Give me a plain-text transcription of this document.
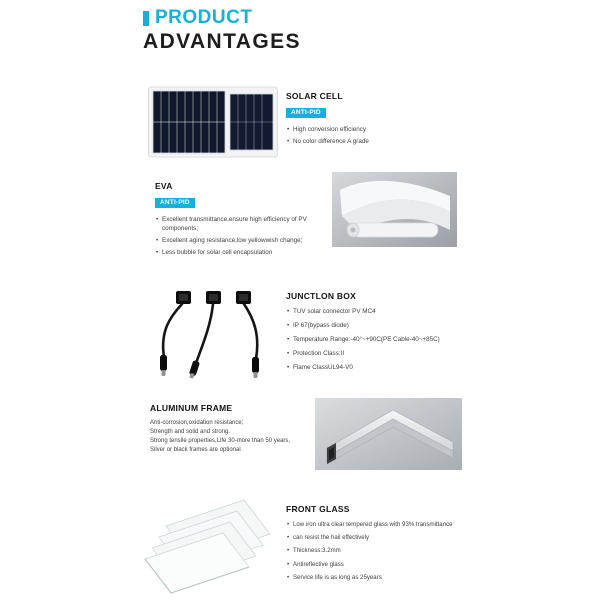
PRODUCT
ADVANTAGES
SOLAR CELL
ANTI-PID
• High conversion efficiency
• No color difference A grade
EVA
ANTI-PID
• Excellent transmittance,ensure high efficiency of PV components;
• Excellent aging resistance,low yellowwish change;
• Less bubble for solar cell encapsulation
JUNCTLON BOX
• TUV solar connector PV MC4
• IP 67(bypass diode)
• Temperature Range:-40°~+90C(PE Cable-40~+85C)
• Protection Class:II
• Flame ClassUL94-V0
ALUMINUM FRAME
Anti-corrosion,oxidation resistance;
Strength and solid and strong.
Strong tensile properties,Life 30-more than 50 years,
Silver or black frames are optional
FRONT GLASS
• Low iron ultra clear tempered glass with 93% transmittance
• can resist the hail effectively
• Thickness:3.2mm
• Antireflective glass
• Service life is as long as 25years
